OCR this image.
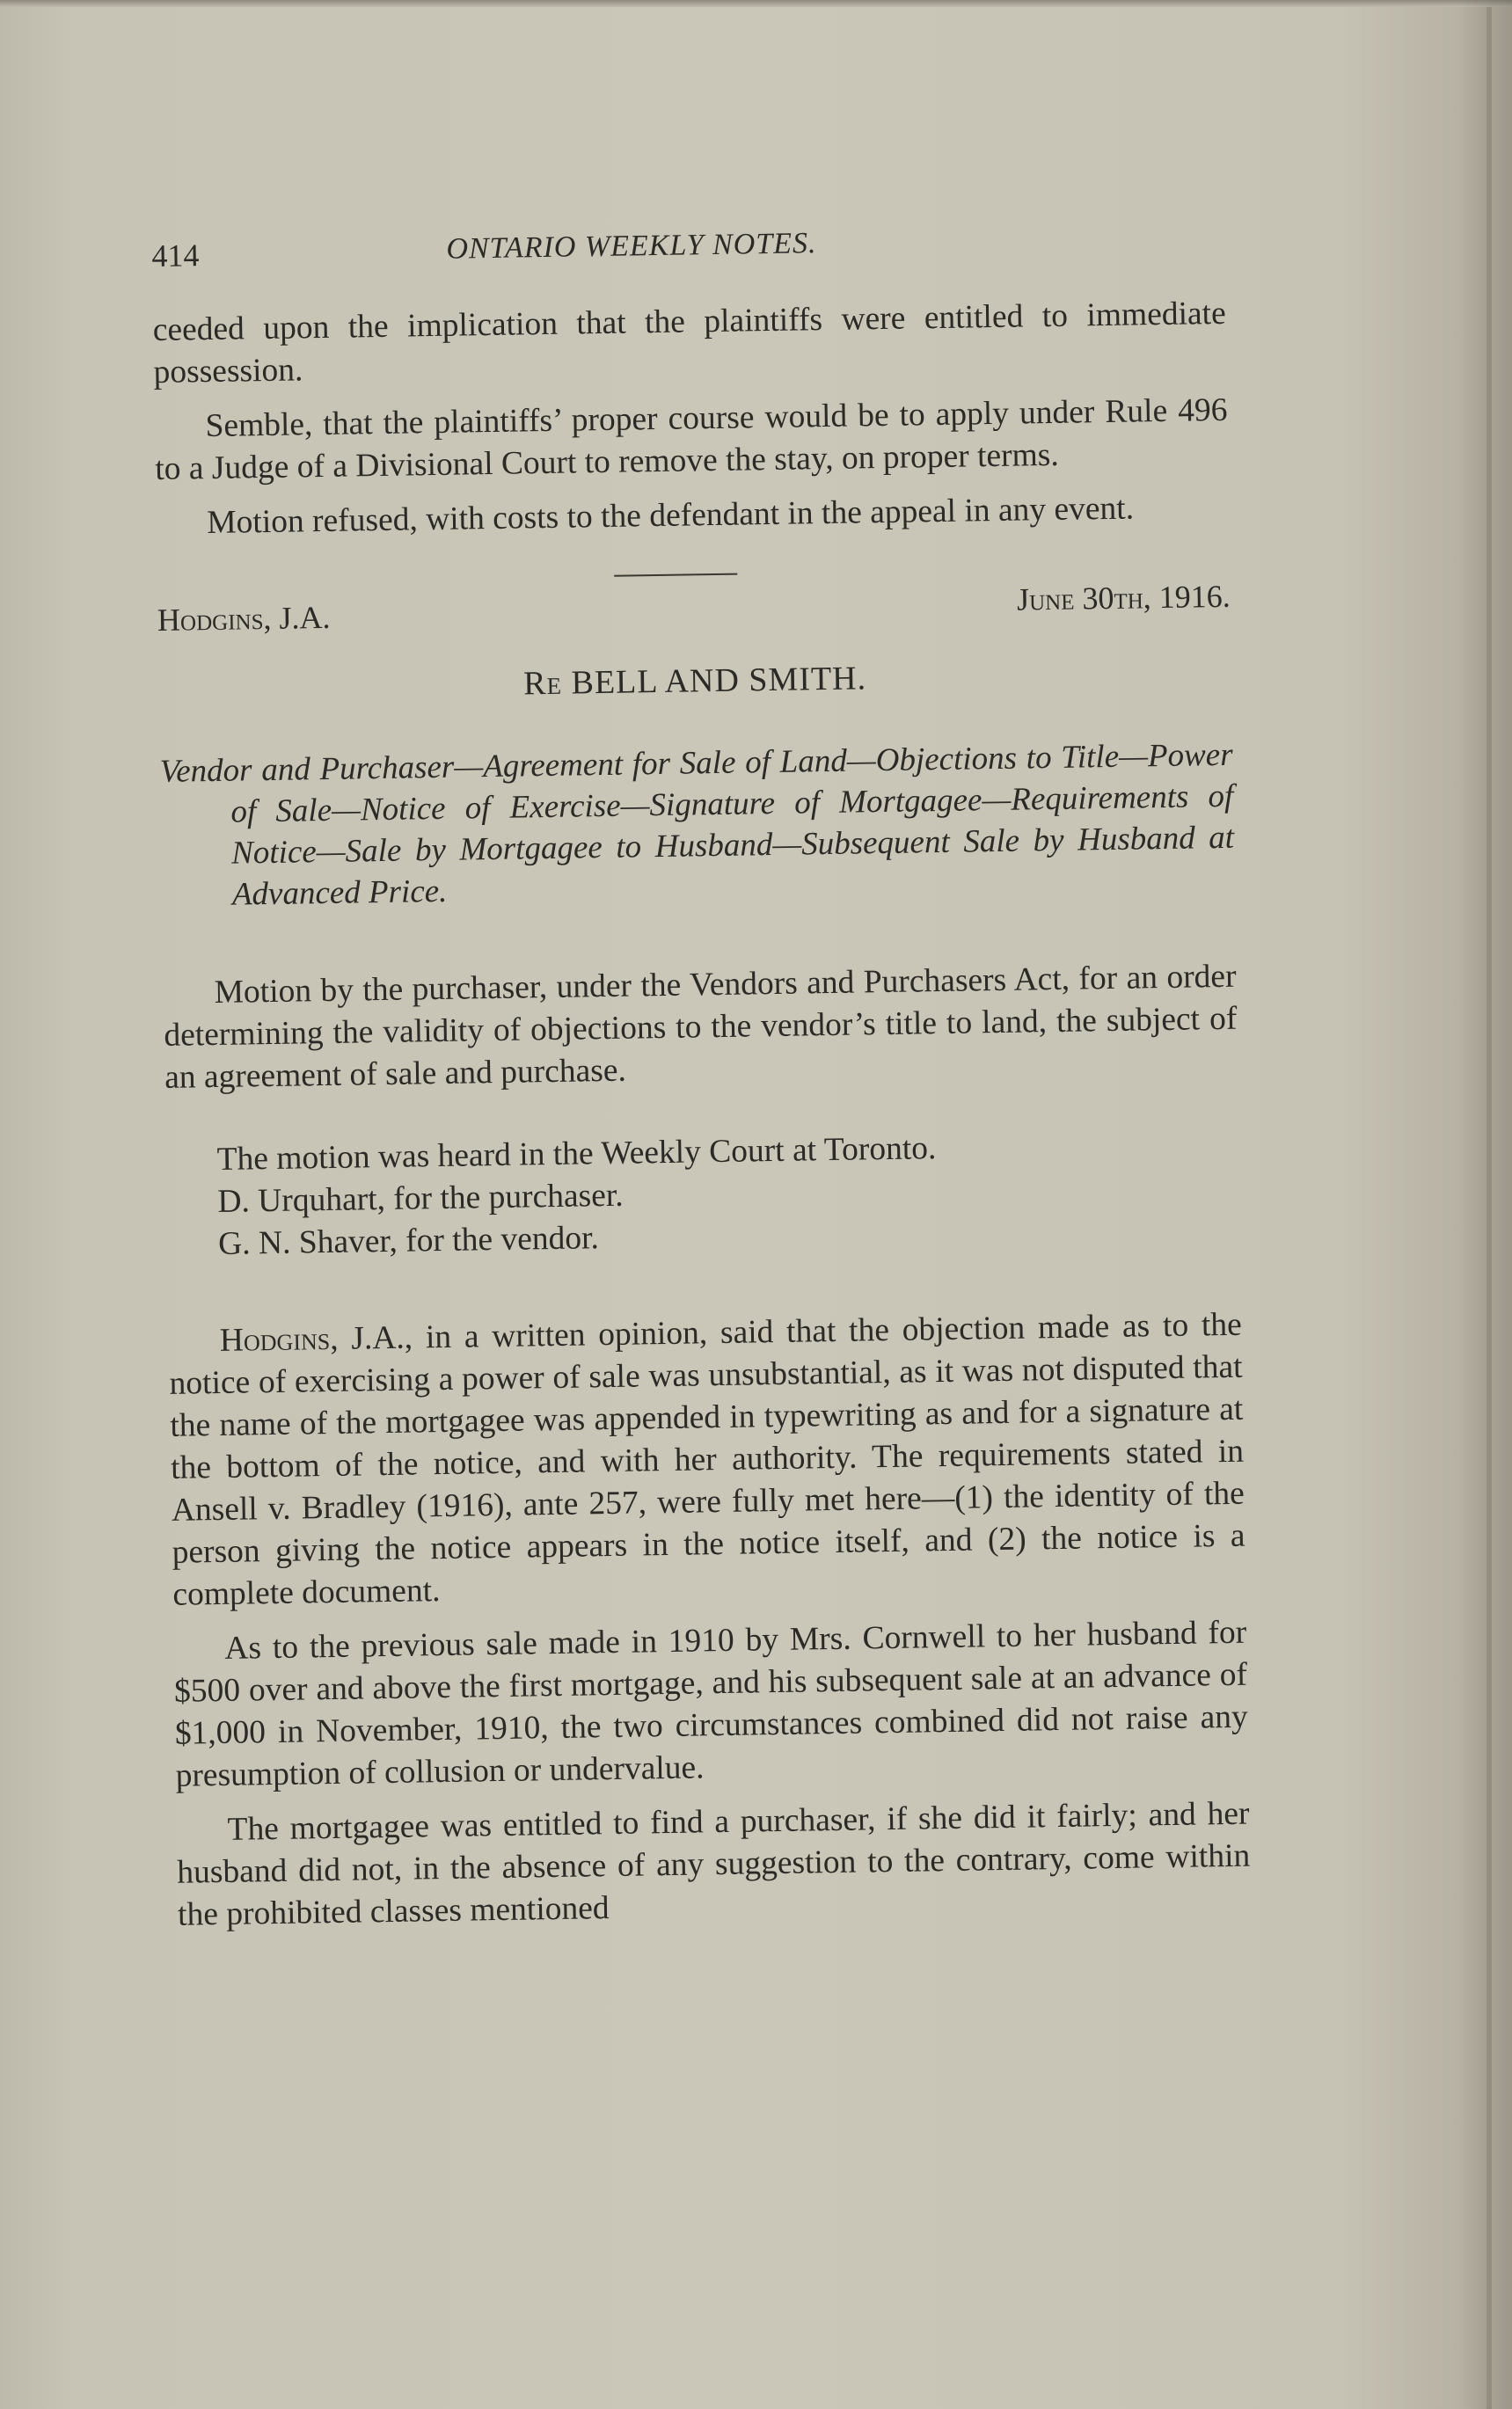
414	ONTARIO WEEKLY NOTES.

ceeded upon the implication that the plaintiffs were entitled to immediate possession.

Semble, that the plaintiffs’ proper course would be to apply under Rule 496 to a Judge of a Divisional Court to remove the stay, on proper terms.

Motion refused, with costs to the defendant in the appeal in any event.

Hodgins, J.A.
June 30th, 1916.
Re BELL AND SMITH.
Vendor and Purchaser—Agreement for Sale of Land—Objections to Title—Power of Sale—Notice of Exercise—Signature of Mortgagee—Requirements of Notice—Sale by Mortgagee to Husband—Subsequent Sale by Husband at Advanced Price.

Motion by the purchaser, under the Vendors and Purchasers Act, for an order determining the validity of objections to the vendor’s title to land, the subject of an agreement of sale and purchase.

The motion was heard in the Weekly Court at Toronto.
D. Urquhart, for the purchaser.
G. N. Shaver, for the vendor.

Hodgins, J.A., in a written opinion, said that the objection made as to the notice of exercising a power of sale was unsubstantial, as it was not disputed that the name of the mortgagee was appended in typewriting as and for a signature at the bottom of the notice, and with her authority. The requirements stated in Ansell v. Bradley (1916), ante 257, were fully met here—(1) the identity of the person giving the notice appears in the notice itself, and (2) the notice is a complete document.

As to the previous sale made in 1910 by Mrs. Cornwell to her husband for $500 over and above the first mortgage, and his subsequent sale at an advance of $1,000 in November, 1910, the two circumstances combined did not raise any presumption of collusion or undervalue.

The mortgagee was entitled to find a purchaser, if she did it fairly; and her husband did not, in the absence of any suggestion to the contrary, come within the prohibited classes mentioned
